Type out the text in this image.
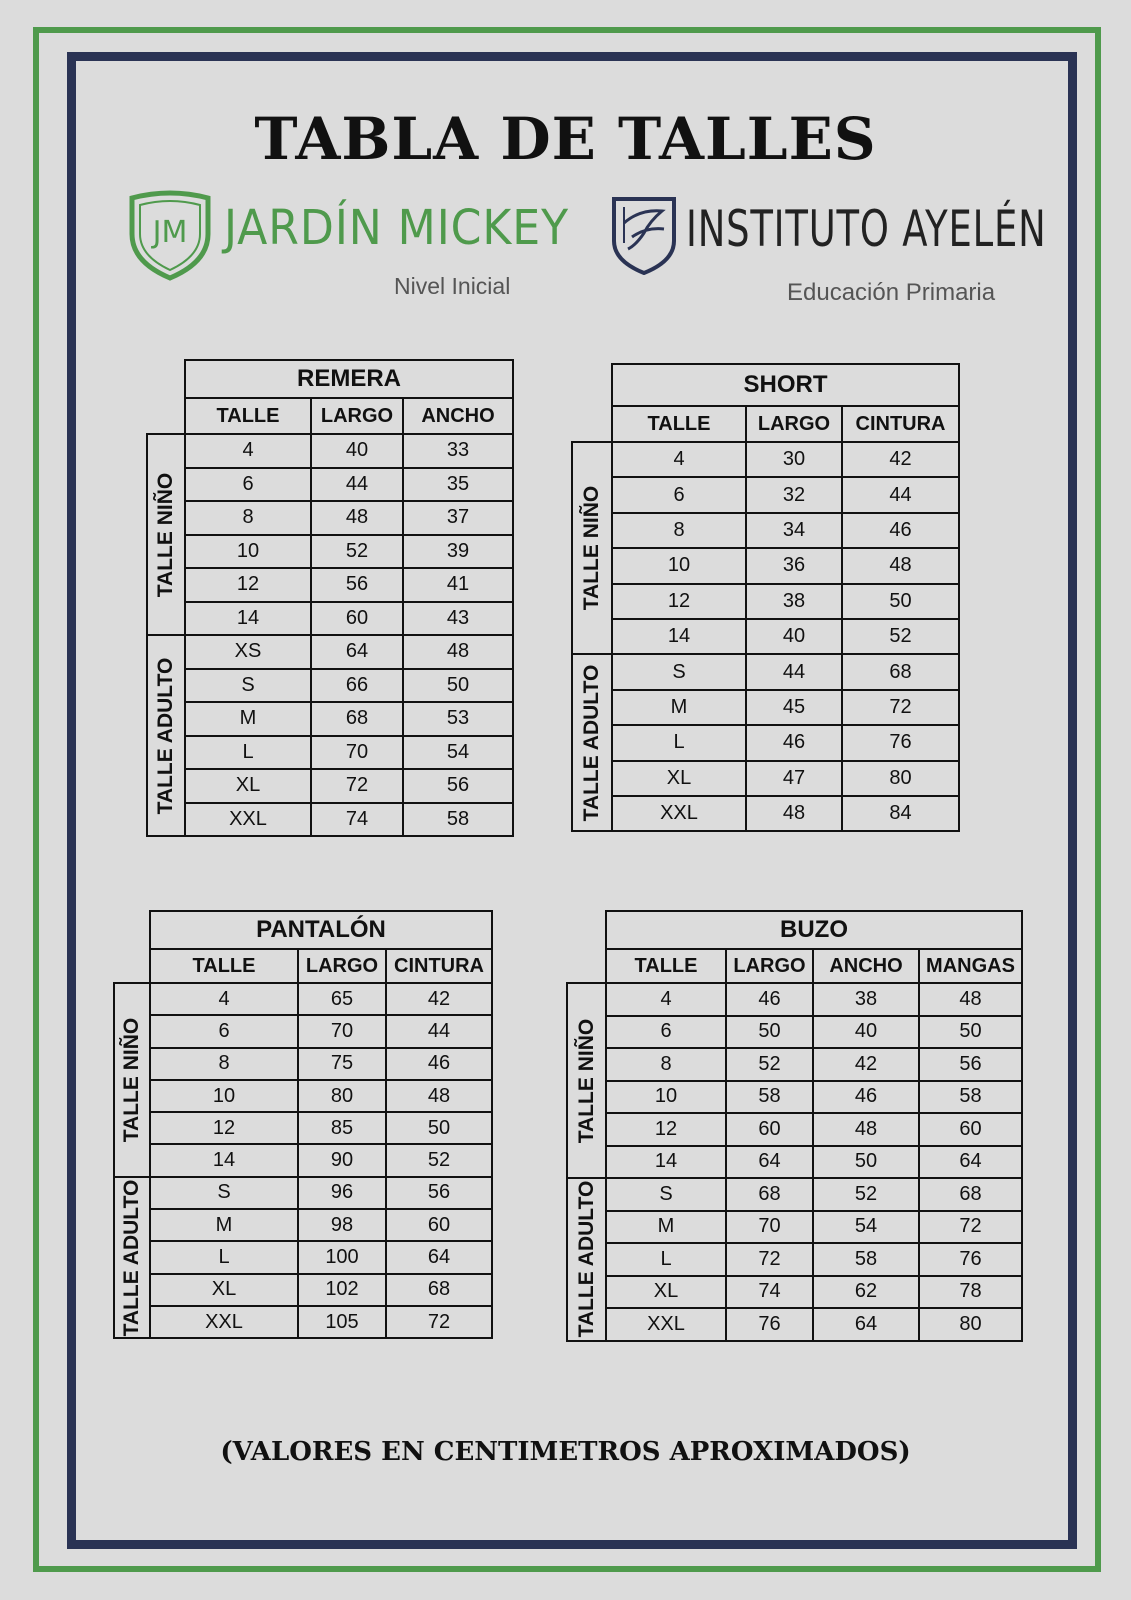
TABLA DE TALLES
JM JARDÍN MICKEY
Nivel Inicial
INSTITUTO AYELÉN
Educación Primaria
	REMERA		
	TALLE	LARGO	ANCHO

TALLE NIÑO	4	40	33
	6	44	35
	8	48	37
	10	52	39
	12	56	41
	14	60	43

TALLE ADULTO	XS	64	48
	S	66	50
	M	68	53
	L	70	54
	XL	72	56
	XXL	74	58
	SHORT		
	TALLE	LARGO	CINTURA

TALLE NIÑO	4	30	42
	6	32	44
	8	34	46
	10	36	48
	12	38	50
	14	40	52

TALLE ADULTO	S	44	68
	M	45	72
	L	46	76
	XL	47	80
	XXL	48	84
	PANTALÓN		
	TALLE	LARGO	CINTURA

TALLE NIÑO	4	65	42
	6	70	44
	8	75	46
	10	80	48
	12	85	50
	14	90	52

TALLE ADULTO	S	96	56
	M	98	60
	L	100	64
	XL	102	68
	XXL	105	72
	BUZO			
	TALLE	LARGO	ANCHO	MANGAS

TALLE NIÑO	4	46	38	48
	6	50	40	50
	8	52	42	56
	10	58	46	58
	12	60	48	60
	14	64	50	64

TALLE ADULTO	S	68	52	68
	M	70	54	72
	L	72	58	76
	XL	74	62	78
	XXL	76	64	80
(VALORES EN CENTIMETROS APROXIMADOS)
